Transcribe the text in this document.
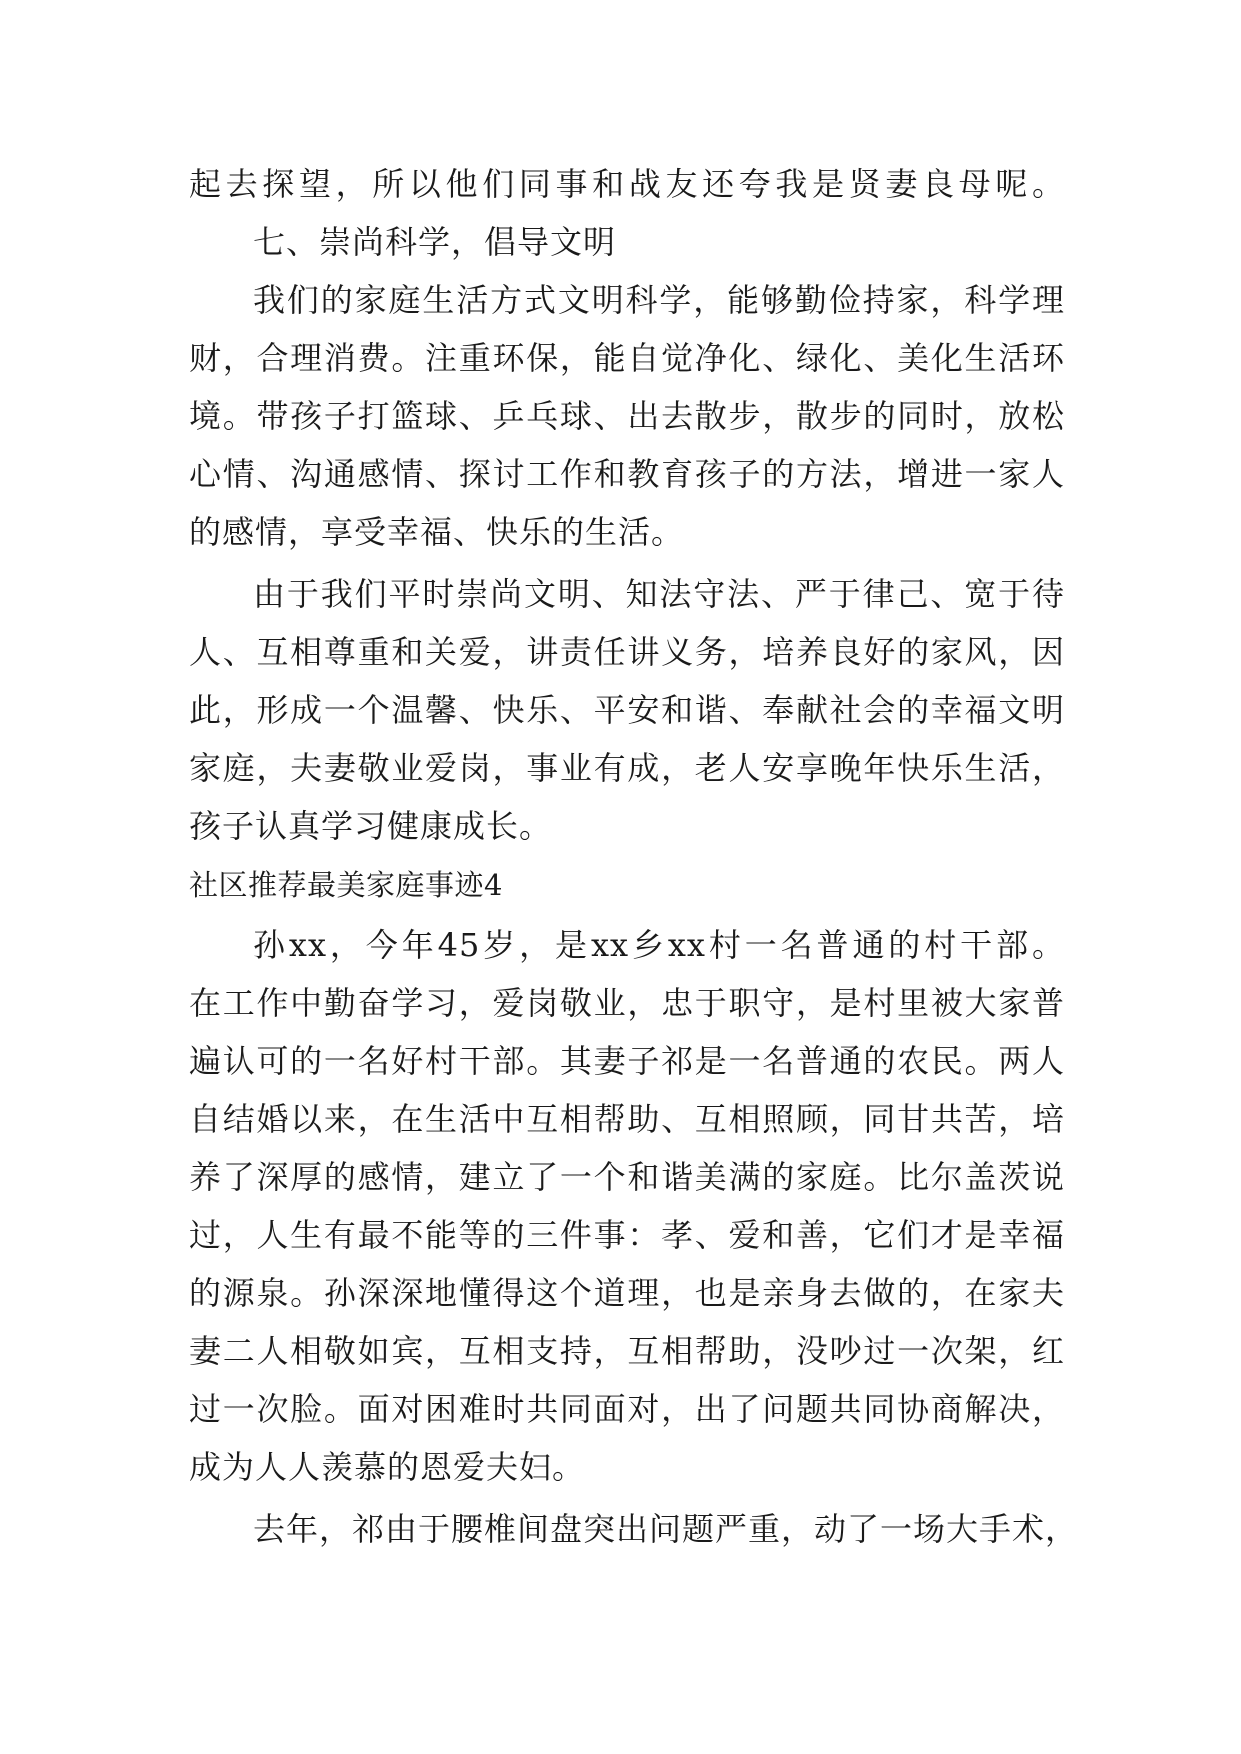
起去探望，所以他们同事和战友还夸我是贤妻良母呢。
七、崇尚科学，倡导文明
我们的家庭生活方式文明科学，能够勤俭持家，科学理
财，合理消费。注重环保，能自觉净化、绿化、美化生活环
境。带孩子打篮球、乒乓球、出去散步，散步的同时，放松
心情、沟通感情、探讨工作和教育孩子的方法，增进一家人
的感情，享受幸福、快乐的生活。
由于我们平时崇尚文明、知法守法、严于律己、宽于待
人、互相尊重和关爱，讲责任讲义务，培养良好的家风，因
此，形成一个温馨、快乐、平安和谐、奉献社会的幸福文明
家庭，夫妻敬业爱岗，事业有成，老人安享晚年快乐生活，
孩子认真学习健康成长。
社区推荐最美家庭事迹4
孙xx，今年45岁，是xx乡xx村一名普通的村干部。
在工作中勤奋学习，爱岗敬业，忠于职守，是村里被大家普
遍认可的一名好村干部。其妻子祁是一名普通的农民。两人
自结婚以来，在生活中互相帮助、互相照顾，同甘共苦，培
养了深厚的感情，建立了一个和谐美满的家庭。比尔盖茨说
过，人生有最不能等的三件事：孝、爱和善，它们才是幸福
的源泉。孙深深地懂得这个道理，也是亲身去做的，在家夫
妻二人相敬如宾，互相支持，互相帮助，没吵过一次架，红
过一次脸。面对困难时共同面对，出了问题共同协商解决，
成为人人羡慕的恩爱夫妇。
去年，祁由于腰椎间盘突出问题严重，动了一场大手术，
